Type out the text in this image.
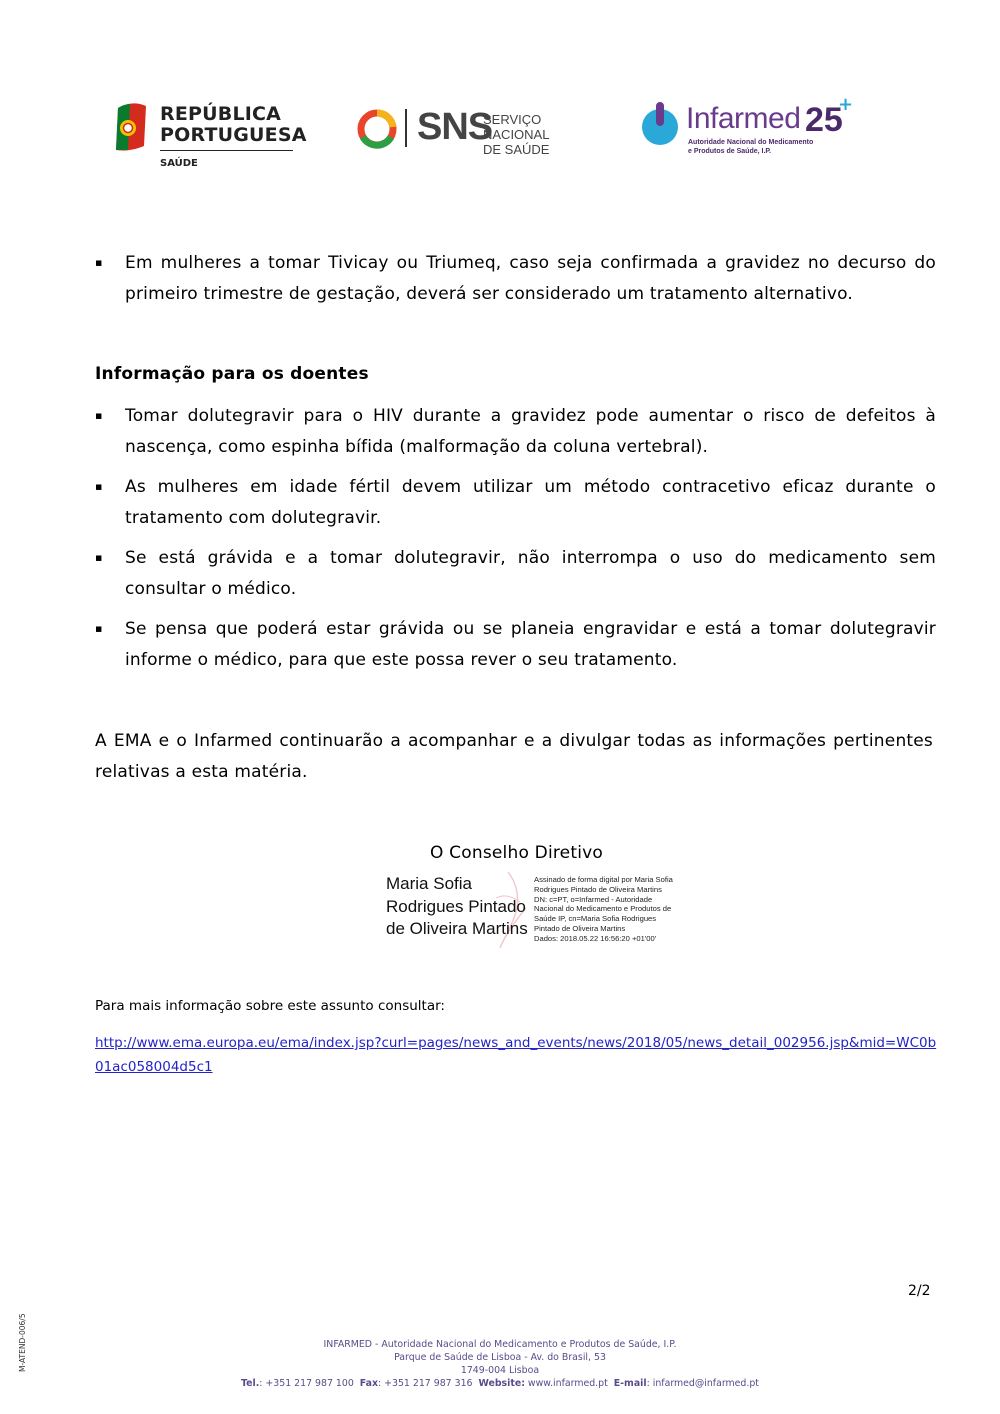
REPÚBLICA
PORTUGUESA
SAÚDE
SNS
SERVIÇO NACIONAL
DE SAÚDE
Infarmed 25
+
Autoridade Nacional do Medicamento
e Produtos de Saúde, I.P.
▪ Em mulheres a tomar Tivicay ou Triumeq, caso seja confirmada a gravidez no decurso do primeiro trimestre de gestação, deverá ser considerado um tratamento alternativo.
Informação para os doentes
▪ Tomar dolutegravir para o HIV durante a gravidez pode aumentar o risco de defeitos à nascença, como espinha bífida (malformação da coluna vertebral).
▪ As mulheres em idade fértil devem utilizar um método contracetivo eficaz durante o tratamento com dolutegravir.
▪ Se está grávida e a tomar dolutegravir, não interrompa o uso do medicamento sem consultar o médico.
▪ Se pensa que poderá estar grávida ou se planeia engravidar e está a tomar dolutegravir informe o médico, para que este possa rever o seu tratamento.
A EMA e o Infarmed continuarão a acompanhar e a divulgar todas as informações pertinentes relativas a esta matéria.
O Conselho Diretivo
Maria Sofia
Rodrigues Pintado
de Oliveira Martins
Assinado de forma digital por Maria Sofia
Rodrigues Pintado de Oliveira Martins
DN: c=PT, o=Infarmed - Autoridade
Nacional do Medicamento e Produtos de
Saúde IP, cn=Maria Sofia Rodrigues
Pintado de Oliveira Martins
Dados: 2018.05.22 16:56:20 +01'00'
Para mais informação sobre este assunto consultar:
http://www.ema.europa.eu/ema/index.jsp?curl=pages/news_and_events/news/2018/05/news_detail_002956.jsp&mid=WC0b01ac058004d5c1
2/2
M-ATEND-006/5	INFARMED - Autoridade Nacional do Medicamento e Produtos de Saúde, I.P.
Parque de Saúde de Lisboa - Av. do Brasil, 53
1749-004 Lisboa
Tel.: +351 217 987 100 Fax: +351 217 987 316 Website: www.infarmed.pt E-mail: infarmed@infarmed.pt
